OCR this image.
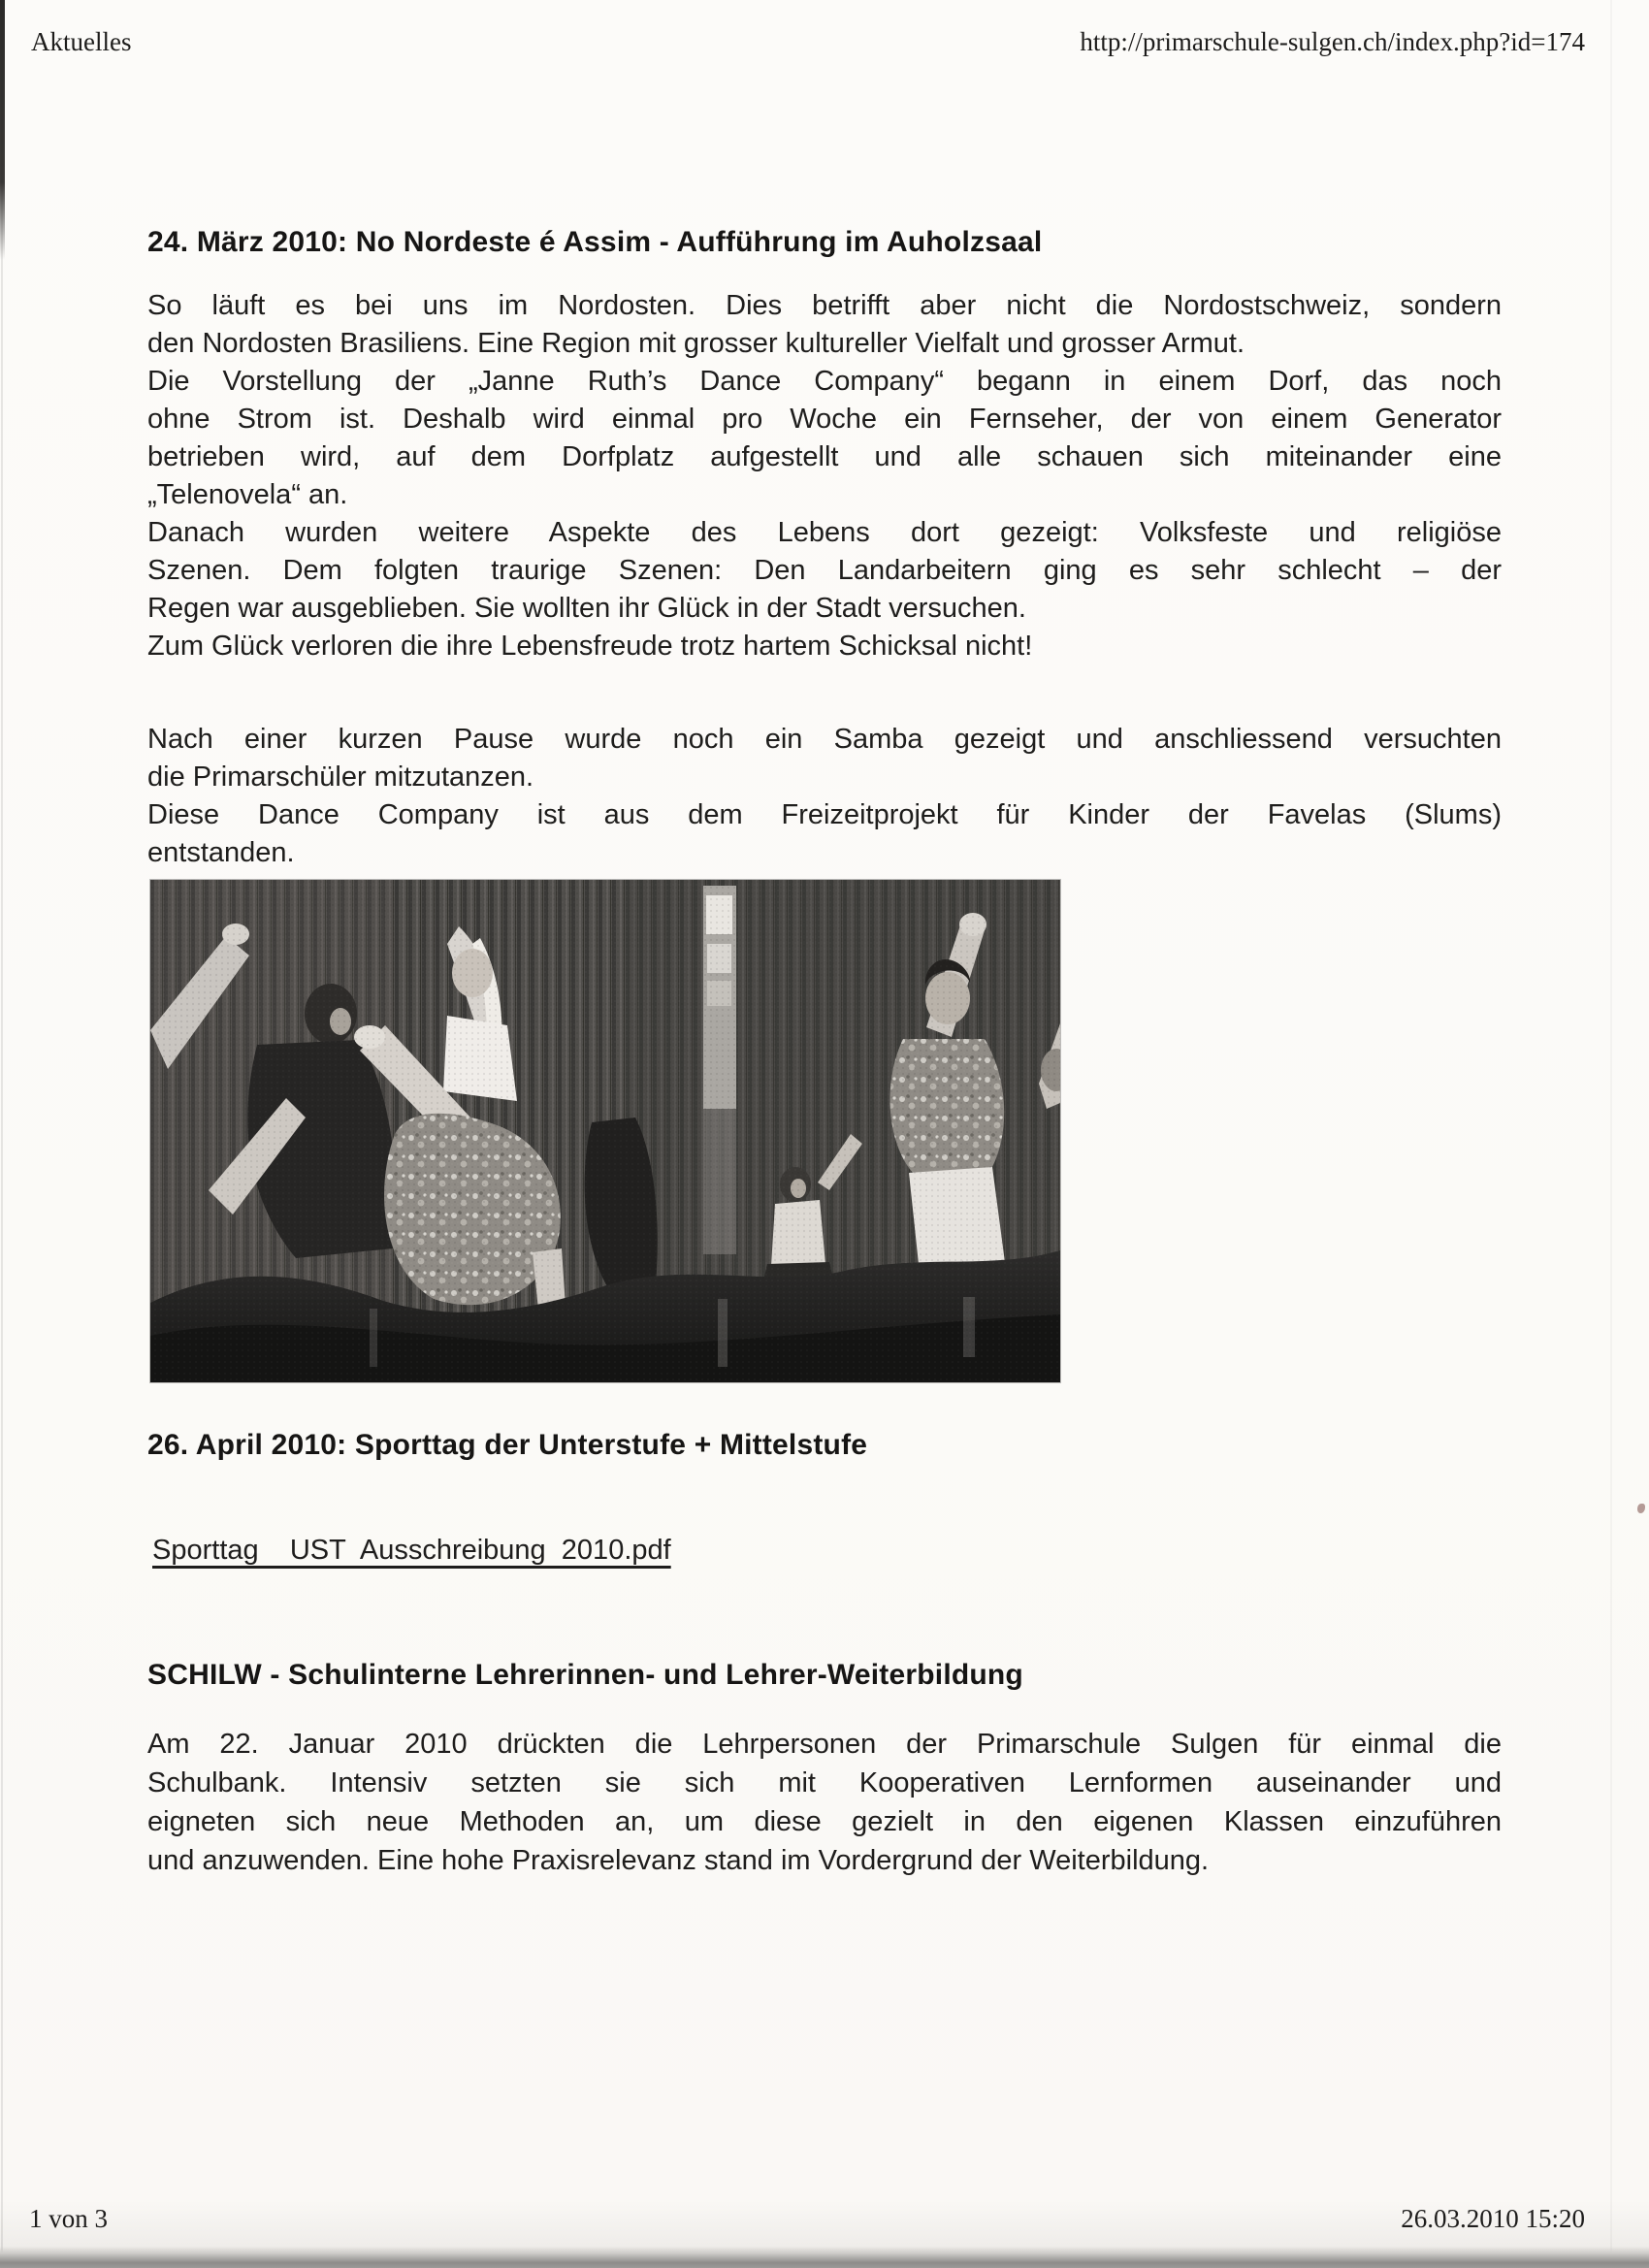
Aktuelles	http://primarschule-sulgen.ch/index.php?id=174
24. März 2010: No Nordeste é Assim - Aufführung im Auholzsaal
So läuft es bei uns im Nordosten. Dies betrifft aber nicht die Nordostschweiz, sondern
den Nordosten Brasiliens. Eine Region mit grosser kultureller Vielfalt und grosser Armut.
Die Vorstellung der „Janne Ruth’s Dance Company“ begann in einem Dorf, das noch
ohne Strom ist. Deshalb wird einmal pro Woche ein Fernseher, der von einem Generator
betrieben wird, auf dem Dorfplatz aufgestellt und alle schauen sich miteinander eine
„Telenovela“ an.
Danach wurden weitere Aspekte des Lebens dort gezeigt: Volksfeste und religiöse
Szenen. Dem folgten traurige Szenen: Den Landarbeitern ging es sehr schlecht – der
Regen war ausgeblieben. Sie wollten ihr Glück in der Stadt versuchen.
Zum Glück verloren die ihre Lebensfreude trotz hartem Schicksal nicht!
Nach einer kurzen Pause wurde noch ein Samba gezeigt und anschliessend versuchten
die Primarschüler mitzutanzen.
Diese Dance Company ist aus dem Freizeitprojekt für Kinder der Favelas (Slums)
entstanden.
26. April 2010: Sporttag der Unterstufe + Mittelstufe
Sporttag    UST  Ausschreibung  2010.pdf
SCHILW - Schulinterne Lehrerinnen- und Lehrer-Weiterbildung
Am 22. Januar 2010 drückten die Lehrpersonen der Primarschule Sulgen für einmal die
Schulbank. Intensiv setzten sie sich mit Kooperativen Lernformen auseinander und
eigneten sich neue Methoden an, um diese gezielt in den eigenen Klassen einzuführen
und anzuwenden. Eine hohe Praxisrelevanz stand im Vordergrund der Weiterbildung.
1 von 3	26.03.2010 15:20
